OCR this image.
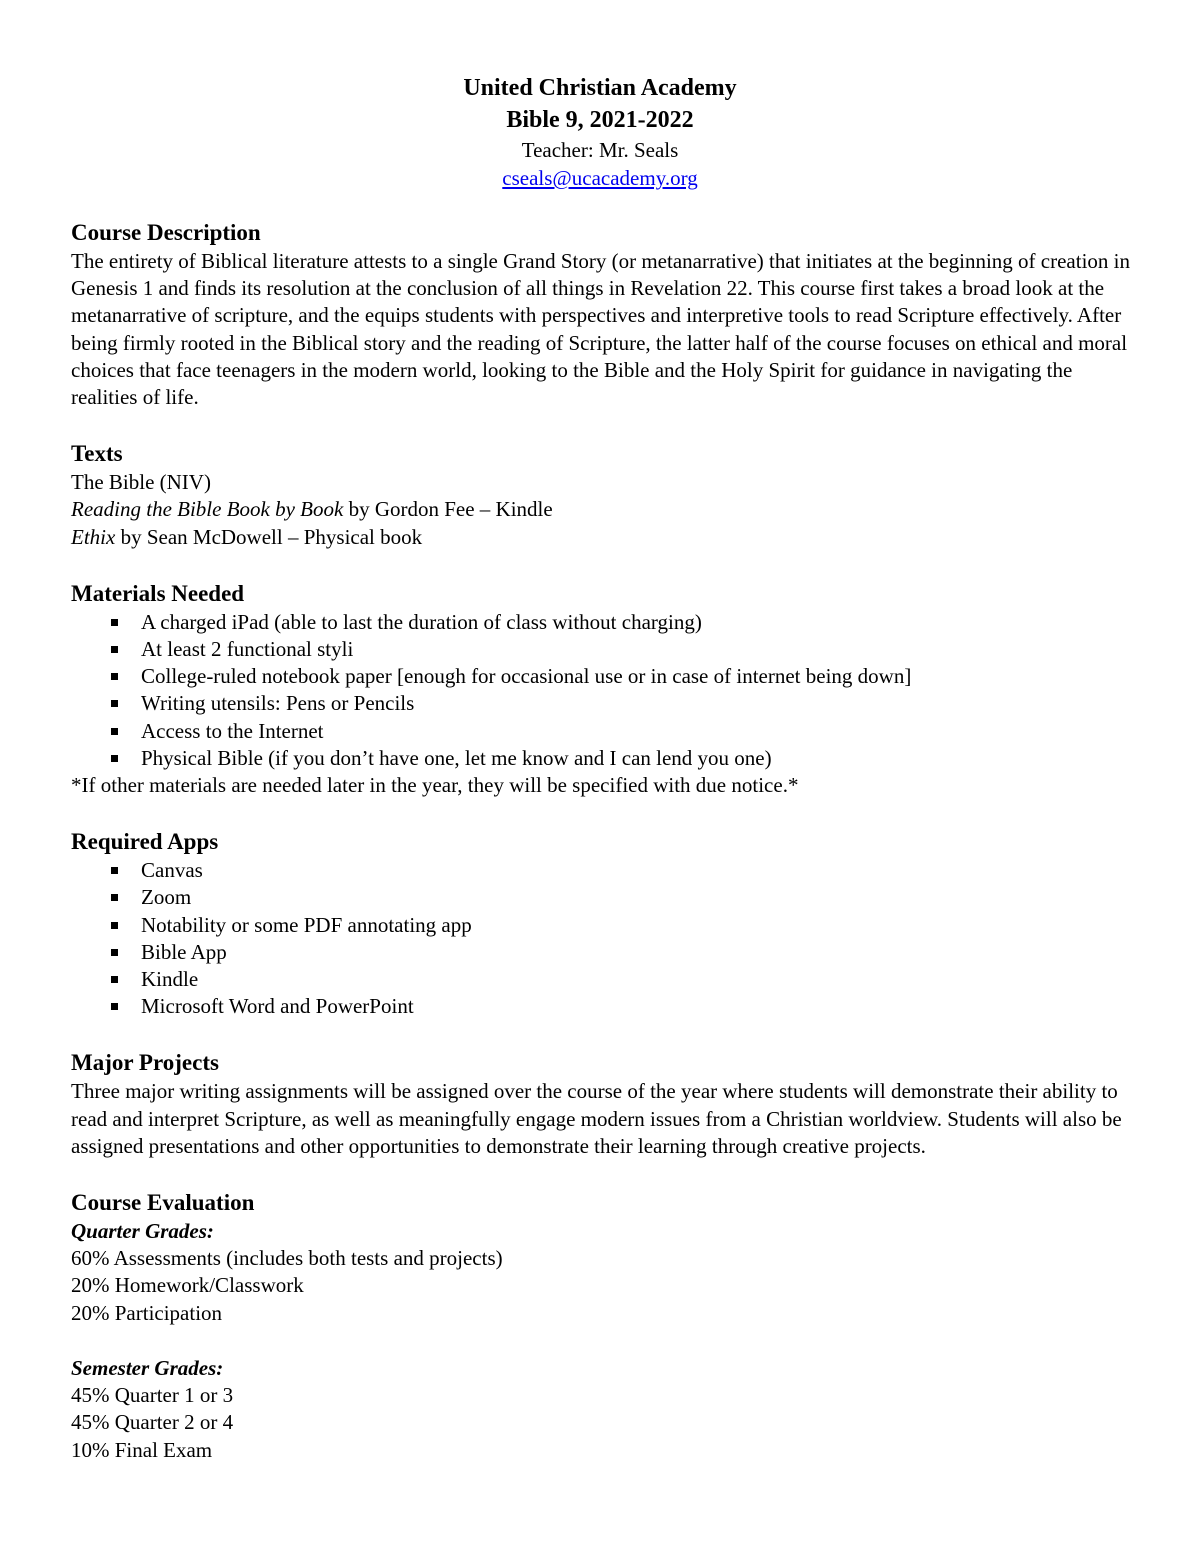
United Christian Academy
Bible 9, 2021-2022
Teacher: Mr. Seals
cseals@ucacademy.org
Course Description

The entirety of Biblical literature attests to a single Grand Story (or metanarrative) that initiates at the beginning of creation in Genesis 1 and finds its resolution at the conclusion of all things in Revelation 22. This course first takes a broad look at the metanarrative of scripture, and the equips students with perspectives and interpretive tools to read Scripture effectively. After being firmly rooted in the Biblical story and the reading of Scripture, the latter half of the course focuses on ethical and moral choices that face teenagers in the modern world, looking to the Bible and the Holy Spirit for guidance in navigating the realities of life.

Texts

The Bible (NIV)

Reading the Bible Book by Book by Gordon Fee – Kindle

Ethix by Sean McDowell – Physical book

Materials Needed
A charged iPad (able to last the duration of class without charging)
At least 2 functional styli
College-ruled notebook paper [enough for occasional use or in case of internet being down]
Writing utensils: Pens or Pencils
Access to the Internet
Physical Bible (if you don’t have one, let me know and I can lend you one)

*If other materials are needed later in the year, they will be specified with due notice.*

Required Apps
Canvas
Zoom
Notability or some PDF annotating app
Bible App
Kindle
Microsoft Word and PowerPoint
Major Projects

Three major writing assignments will be assigned over the course of the year where students will demonstrate their ability to read and interpret Scripture, as well as meaningfully engage modern issues from a Christian worldview. Students will also be assigned presentations and other opportunities to demonstrate their learning through creative projects.

Course Evaluation

Quarter Grades:

60% Assessments (includes both tests and projects)

20% Homework/Classwork

20% Participation

Semester Grades:

45% Quarter 1 or 3

45% Quarter 2 or 4

10% Final Exam
